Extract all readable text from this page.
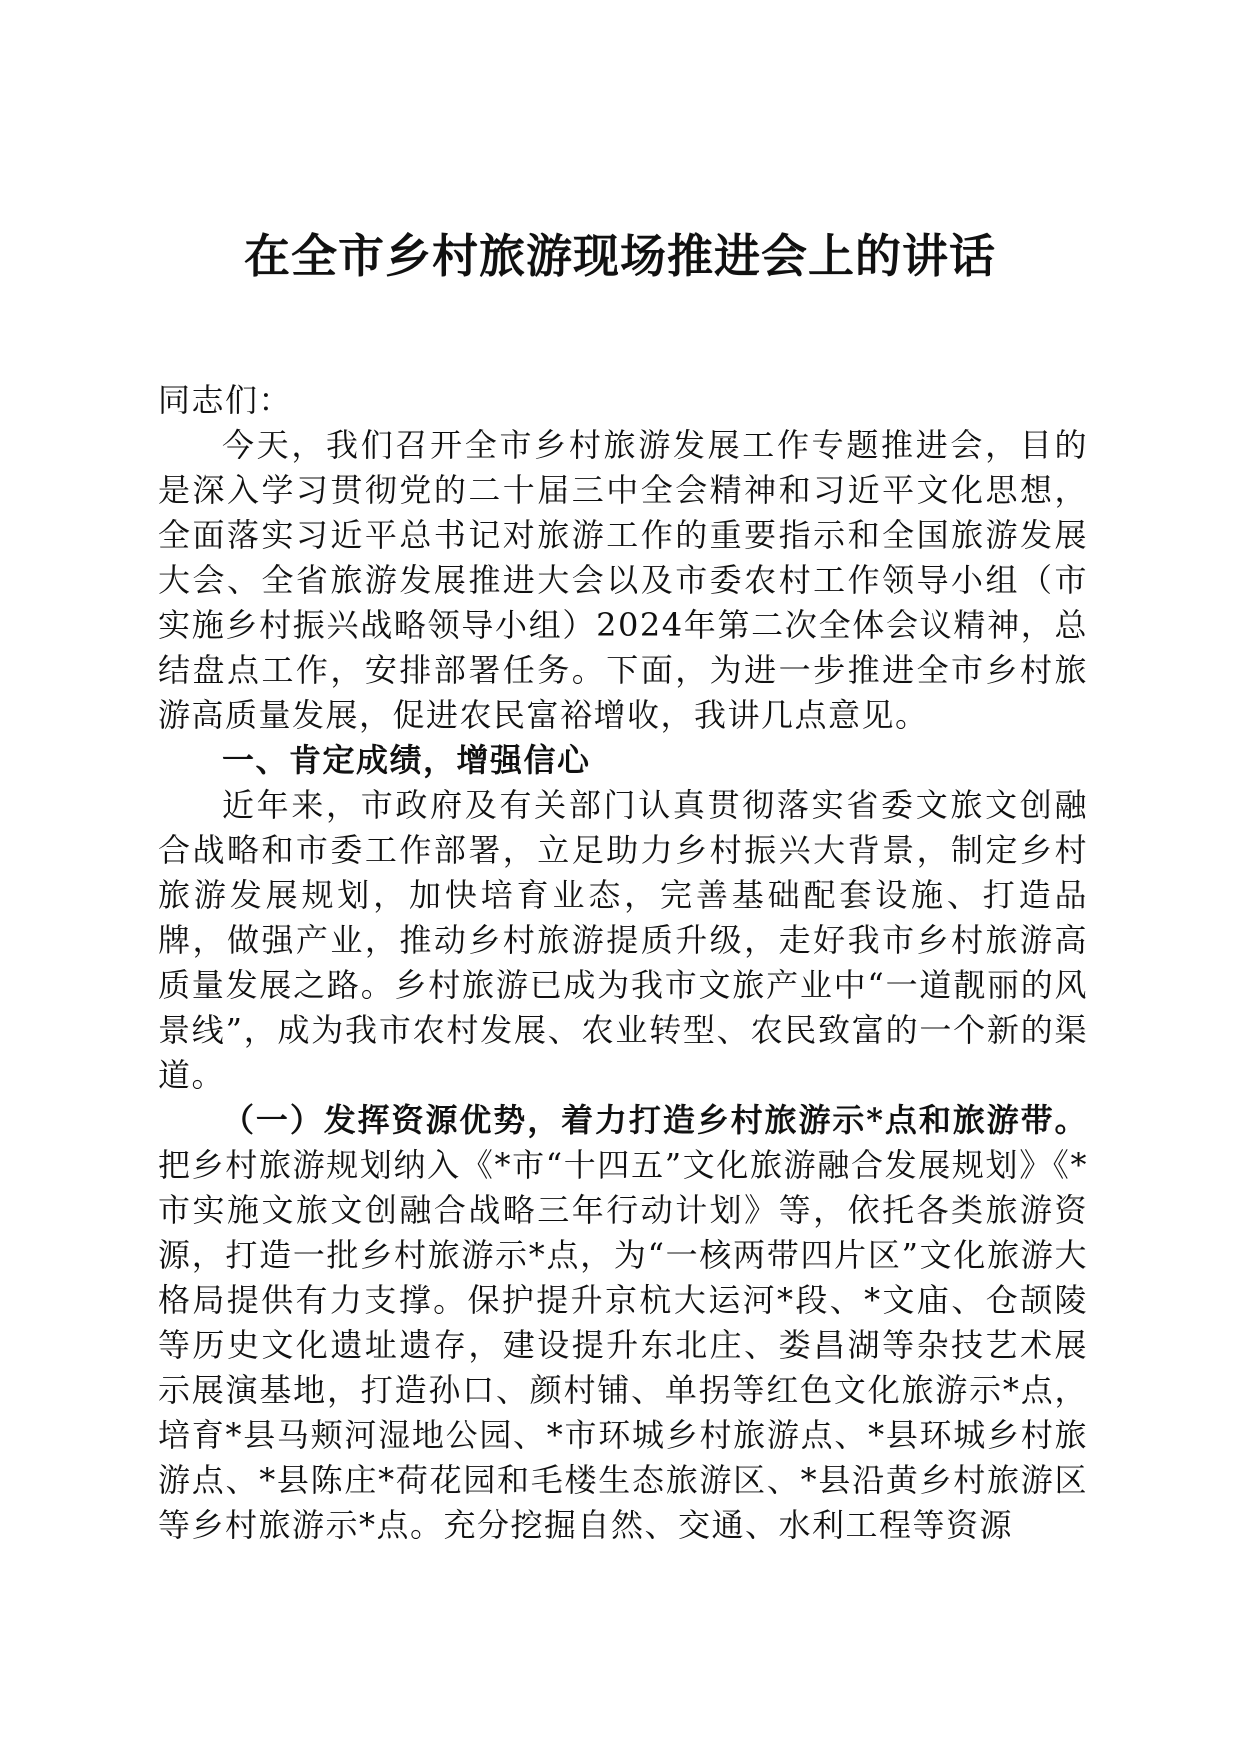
在全市乡村旅游现场推进会上的讲话

同志们：

今天，我们召开全市乡村旅游发展工作专题推进会，目的是深入学习贯彻党的二十届三中全会精神和习近平文化思想，全面落实习近平总书记对旅游工作的重要指示和全国旅游发展大会、全省旅游发展推进大会以及市委农村工作领导小组（市实施乡村振兴战略领导小组）2024年第二次全体会议精神，总结盘点工作，安排部署任务。下面，为进一步推进全市乡村旅游高质量发展，促进农民富裕增收，我讲几点意见。

一、肯定成绩，增强信心

近年来，市政府及有关部门认真贯彻落实省委文旅文创融合战略和市委工作部署，立足助力乡村振兴大背景，制定乡村旅游发展规划，加快培育业态，完善基础配套设施、打造品牌，做强产业，推动乡村旅游提质升级，走好我市乡村旅游高质量发展之路。乡村旅游已成为我市文旅产业中“一道靓丽的风景线”，成为我市农村发展、农业转型、农民致富的一个新的渠道。

（一）发挥资源优势，着力打造乡村旅游示*点和旅游带。把乡村旅游规划纳入《*市“十四五”文化旅游融合发展规划》《*市实施文旅文创融合战略三年行动计划》等，依托各类旅游资源，打造一批乡村旅游示*点，为“一核两带四片区”文化旅游大格局提供有力支撑。保护提升京杭大运河*段、*文庙、仓颉陵等历史文化遗址遗存，建设提升东北庄、娄昌湖等杂技艺术展示展演基地，打造孙口、颜村铺、单拐等红色文化旅游示*点，培育*县马颊河湿地公园、*市环城乡村旅游点、*县环城乡村旅游点、*县陈庄*荷花园和毛楼生态旅游区、*县沿黄乡村旅游区等乡村旅游示*点。充分挖掘自然、交通、水利工程等资源
